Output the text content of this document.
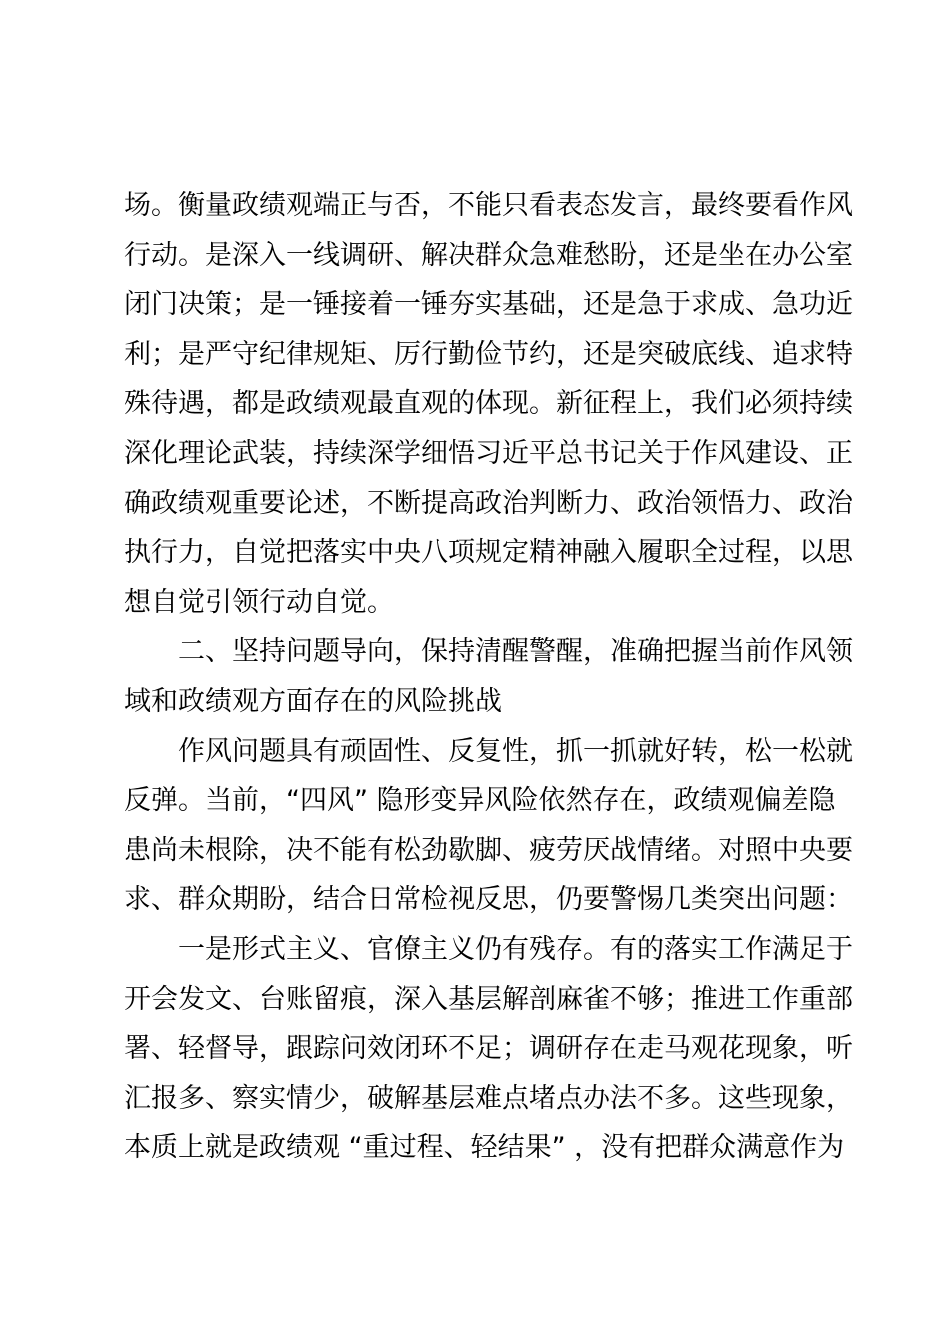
场。衡量政绩观端正与否，不能只看表态发言，最终要看作风
行动。是深入一线调研、解决群众急难愁盼，还是坐在办公室
闭门决策；是一锤接着一锤夯实基础，还是急于求成、急功近
利；是严守纪律规矩、厉行勤俭节约，还是突破底线、追求特
殊待遇，都是政绩观最直观的体现。新征程上，我们必须持续
深化理论武装，持续深学细悟习近平总书记关于作风建设、正
确政绩观重要论述，不断提高政治判断力、政治领悟力、政治
执行力，自觉把落实中央八项规定精神融入履职全过程，以思
想自觉引领行动自觉。
二、坚持问题导向，保持清醒警醒，准确把握当前作风领
域和政绩观方面存在的风险挑战
作风问题具有顽固性、反复性，抓一抓就好转，松一松就
反弹。当前，“四风” 隐形变异风险依然存在，政绩观偏差隐
患尚未根除，决不能有松劲歇脚、疲劳厌战情绪。对照中央要
求、群众期盼，结合日常检视反思，仍要警惕几类突出问题：
一是形式主义、官僚主义仍有残存。有的落实工作满足于
开会发文、台账留痕，深入基层解剖麻雀不够；推进工作重部
署、轻督导，跟踪问效闭环不足；调研存在走马观花现象，听
汇报多、察实情少，破解基层难点堵点办法不多。这些现象，
本质上就是政绩观 “重过程、轻结果” ，没有把群众满意作为
